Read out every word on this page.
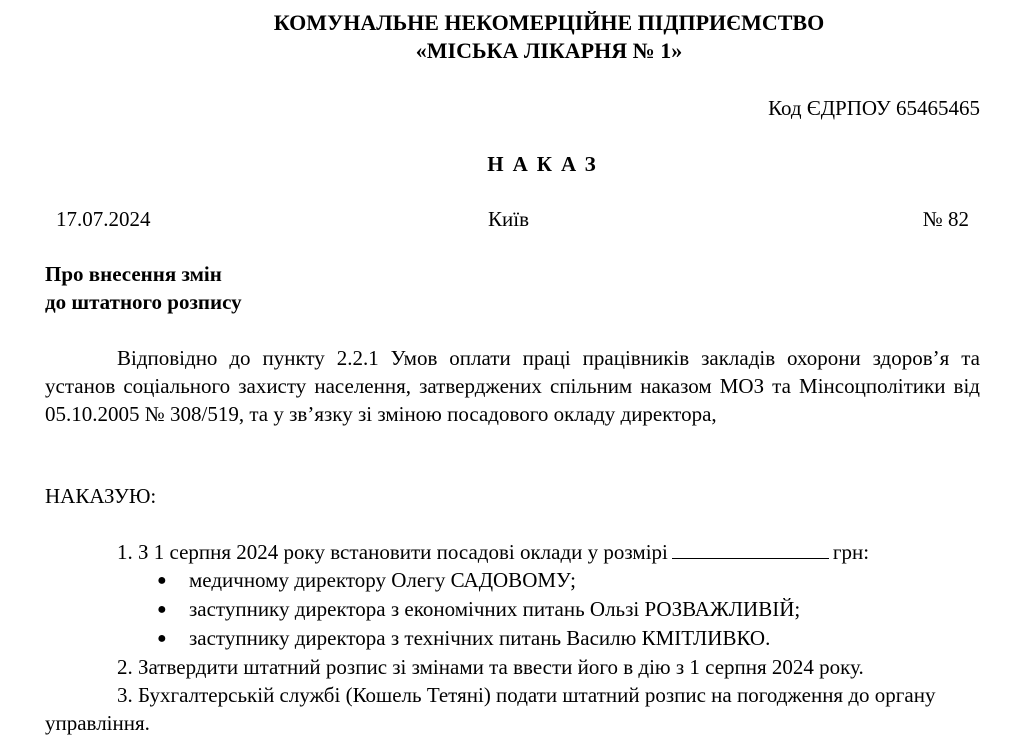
КОМУНАЛЬНЕ НЕКОМЕРЦІЙНЕ ПІДПРИЄМСТВО
«МІСЬКА ЛІКАРНЯ № 1»
Код ЄДРПОУ 65465465
НАКАЗ
17.07.2024	Київ	№ 82
Про внесення змін
до штатного розпису
Відповідно до пункту 2.2.1 Умов оплати праці працівників закладів охорони здоров’я та установ соціального захисту населення, затверджених спільним наказом МОЗ та Мінсоцполітики від 05.10.2005 № 308/519, та у зв’язку зі зміною посадового окладу директора,
НАКАЗУЮ:
1. З 1 серпня 2024 року встановити посадові оклади у розмірі	грн:
● медичному директору Олегу САДОВОМУ;
● заступнику директора з економічних питань Ользі РОЗВАЖЛИВІЙ;
● заступнику директора з технічних питань Василю КМІТЛИВКО.
2. Затвердити штатний розпис зі змінами та ввести його в дію з 1 серпня 2024 року.
3. Бухгалтерській службі (Кошель Тетяні) подати штатний розпис на погодження до органу управління.
